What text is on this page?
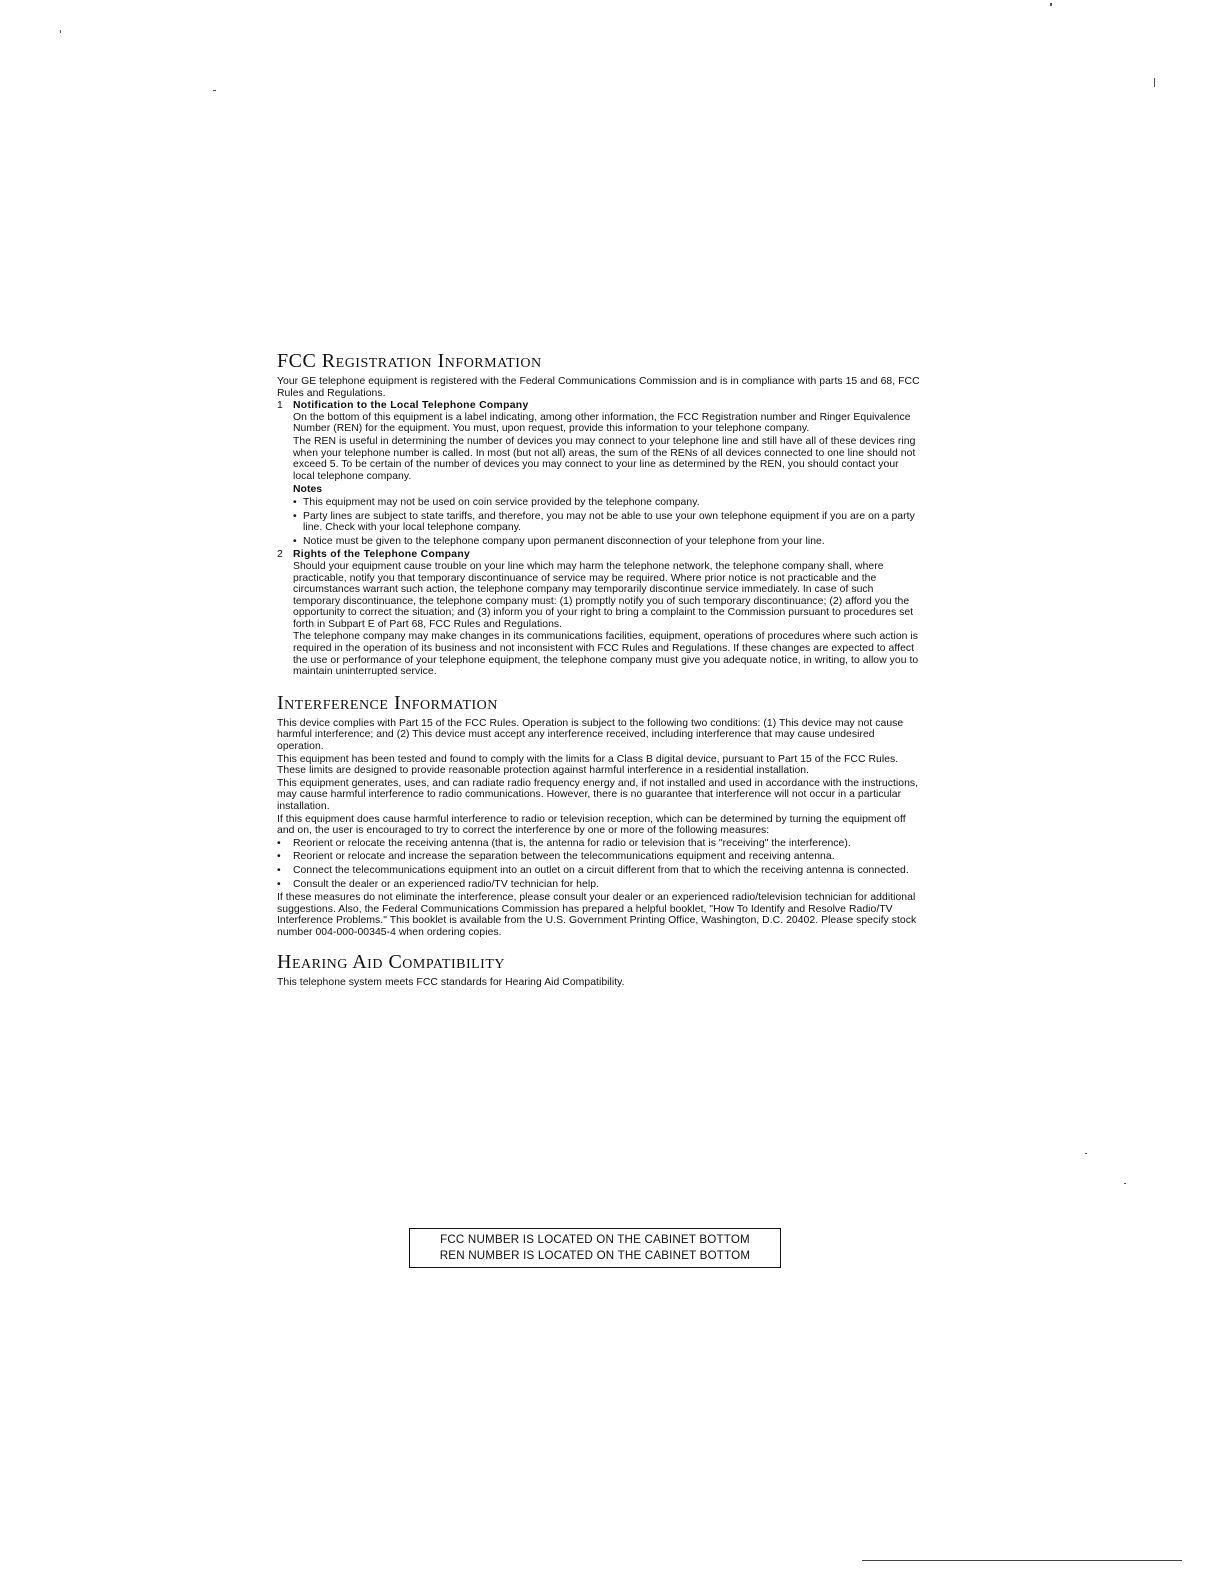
FCC Registration Information

Your GE telephone equipment is registered with the Federal Communications Commission and is in compliance with parts 15 and 68, FCC Rules and Regulations.

1 Notification to the Local Telephone Company

On the bottom of this equipment is a label indicating, among other information, the FCC Registration number and Ringer Equivalence Number (REN) for the equipment. You must, upon request, provide this information to your telephone company.

The REN is useful in determining the number of devices you may connect to your telephone line and still have all of these devices ring when your telephone number is called. In most (but not all) areas, the sum of the RENs of all devices connected to one line should not exceed 5. To be certain of the number of devices you may connect to your line as determined by the REN, you should contact your local telephone company.

Notes
• This equipment may not be used on coin service provided by the telephone company.
• Party lines are subject to state tariffs, and therefore, you may not be able to use your own telephone equipment if you are on a party line. Check with your local telephone company.
• Notice must be given to the telephone company upon permanent disconnection of your telephone from your line.
2 Rights of the Telephone Company

Should your equipment cause trouble on your line which may harm the telephone network, the telephone company shall, where practicable, notify you that temporary discontinuance of service may be required. Where prior notice is not practicable and the circumstances warrant such action, the telephone company may temporarily discontinue service immediately. In case of such temporary discontinuance, the telephone company must: (1) promptly notify you of such temporary discontinuance; (2) afford you the opportunity to correct the situation; and (3) inform you of your right to bring a complaint to the Commission pursuant to procedures set forth in Subpart E of Part 68, FCC Rules and Regulations.

The telephone company may make changes in its communications facilities, equipment, operations of procedures where such action is required in the operation of its business and not inconsistent with FCC Rules and Regulations. If these changes are expected to affect the use or performance of your telephone equipment, the telephone company must give you adequate notice, in writing, to allow you to maintain uninterrupted service.

Interference Information

This device complies with Part 15 of the FCC Rules. Operation is subject to the following two conditions: (1) This device may not cause harmful interference; and (2) This device must accept any interference received, including interference that may cause undesired operation.

This equipment has been tested and found to comply with the limits for a Class B digital device, pursuant to Part 15 of the FCC Rules. These limits are designed to provide reasonable protection against harmful interference in a residential installation.

This equipment generates, uses, and can radiate radio frequency energy and, if not installed and used in accordance with the instructions, may cause harmful interference to radio communications. However, there is no guarantee that interference will not occur in a particular installation.

If this equipment does cause harmful interference to radio or television reception, which can be determined by turning the equipment off and on, the user is encouraged to try to correct the interference by one or more of the following measures:

• Reorient or relocate the receiving antenna (that is, the antenna for radio or television that is "receiving" the interference).
• Reorient or relocate and increase the separation between the telecommunications equipment and receiving antenna.
• Connect the telecommunications equipment into an outlet on a circuit different from that to which the receiving antenna is connected.
• Consult the dealer or an experienced radio/TV technician for help.

If these measures do not eliminate the interference, please consult your dealer or an experienced radio/television technician for additional suggestions. Also, the Federal Communications Commission has prepared a helpful booklet, "How To Identify and Resolve Radio/TV Interference Problems." This booklet is available from the U.S. Government Printing Office, Washington, D.C. 20402. Please specify stock number 004-000-00345-4 when ordering copies.

Hearing Aid Compatibility

This telephone system meets FCC standards for Hearing Aid Compatibility.

FCC NUMBER IS LOCATED ON THE CABINET BOTTOM
REN NUMBER IS LOCATED ON THE CABINET BOTTOM
